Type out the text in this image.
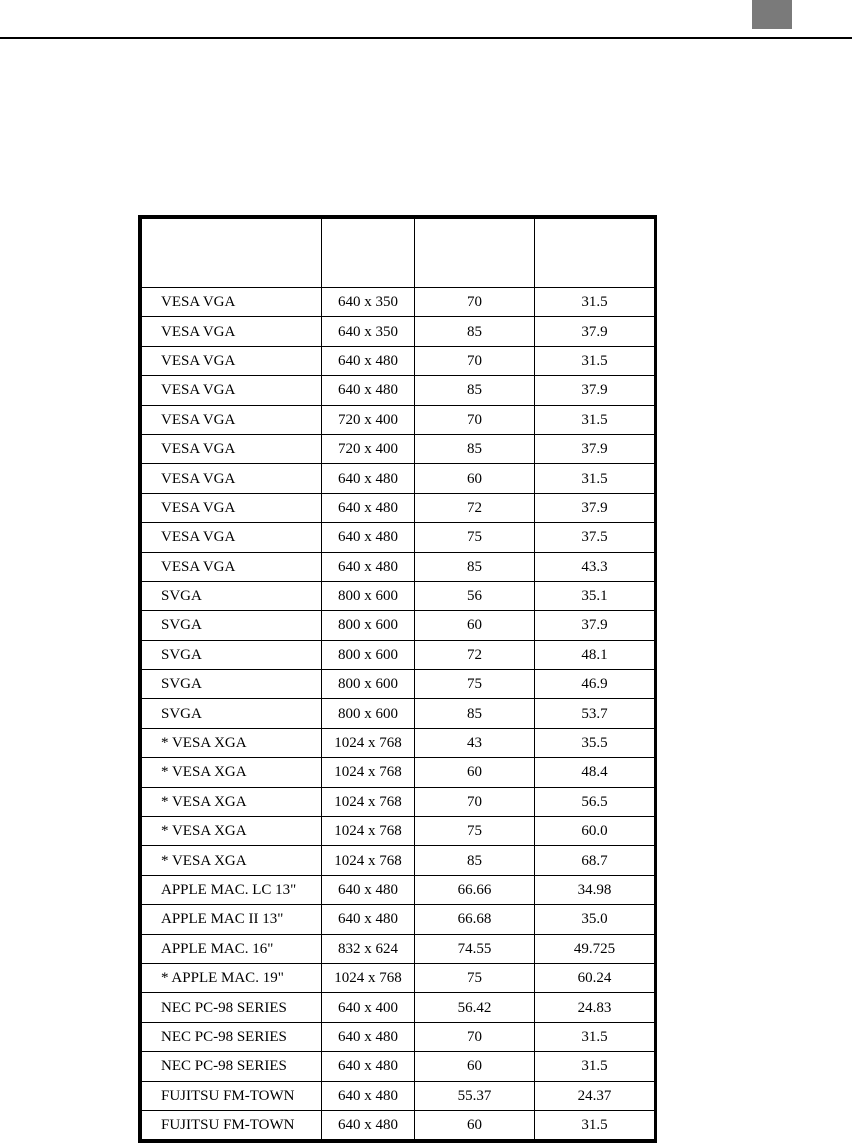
VESA VGA	640 x 350	70	31.5
VESA VGA	640 x 350	85	37.9
VESA VGA	640 x 480	70	31.5
VESA VGA	640 x 480	85	37.9
VESA VGA	720 x 400	70	31.5
VESA VGA	720 x 400	85	37.9
VESA VGA	640 x 480	60	31.5
VESA VGA	640 x 480	72	37.9
VESA VGA	640 x 480	75	37.5
VESA VGA	640 x 480	85	43.3
SVGA	800 x 600	56	35.1
SVGA	800 x 600	60	37.9
SVGA	800 x 600	72	48.1
SVGA	800 x 600	75	46.9
SVGA	800 x 600	85	53.7
* VESA XGA	1024 x 768	43	35.5
* VESA XGA	1024 x 768	60	48.4
* VESA XGA	1024 x 768	70	56.5
* VESA XGA	1024 x 768	75	60.0
* VESA XGA	1024 x 768	85	68.7
APPLE MAC. LC 13"	640 x 480	66.66	34.98
APPLE MAC II 13"	640 x 480	66.68	35.0
APPLE MAC. 16"	832 x 624	74.55	49.725
* APPLE MAC. 19"	1024 x 768	75	60.24
NEC PC-98 SERIES	640 x 400	56.42	24.83
NEC PC-98 SERIES	640 x 480	70	31.5
NEC PC-98 SERIES	640 x 480	60	31.5
FUJITSU FM-TOWN	640 x 480	55.37	24.37
FUJITSU FM-TOWN	640 x 480	60	31.5
